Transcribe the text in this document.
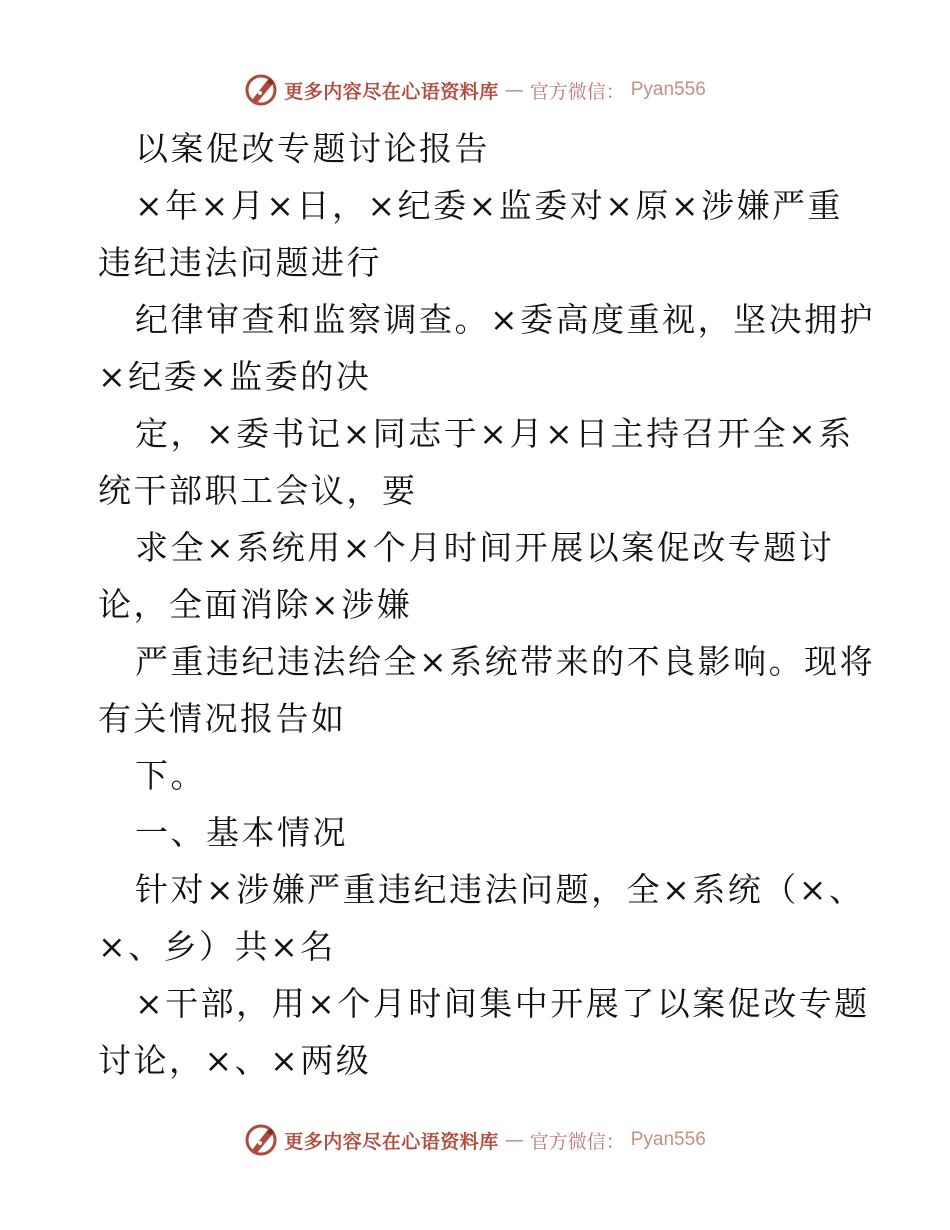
更多内容尽在心语资料库 — 官方微信： Pyan556
以案促改专题讨论报告
×年×月×日，×纪委×监委对×原×涉嫌严重
违纪违法问题进行
纪律审查和监察调查。×委高度重视，坚决拥护
×纪委×监委的决
定，×委书记×同志于×月×日主持召开全×系
统干部职工会议，要
求全×系统用×个月时间开展以案促改专题讨
论，全面消除×涉嫌
严重违纪违法给全×系统带来的不良影响。现将
有关情况报告如
下。
一、基本情况
针对×涉嫌严重违纪违法问题，全×系统（×、
×、乡）共×名
×干部，用×个月时间集中开展了以案促改专题
讨论，×、×两级
更多内容尽在心语资料库 — 官方微信： Pyan556
